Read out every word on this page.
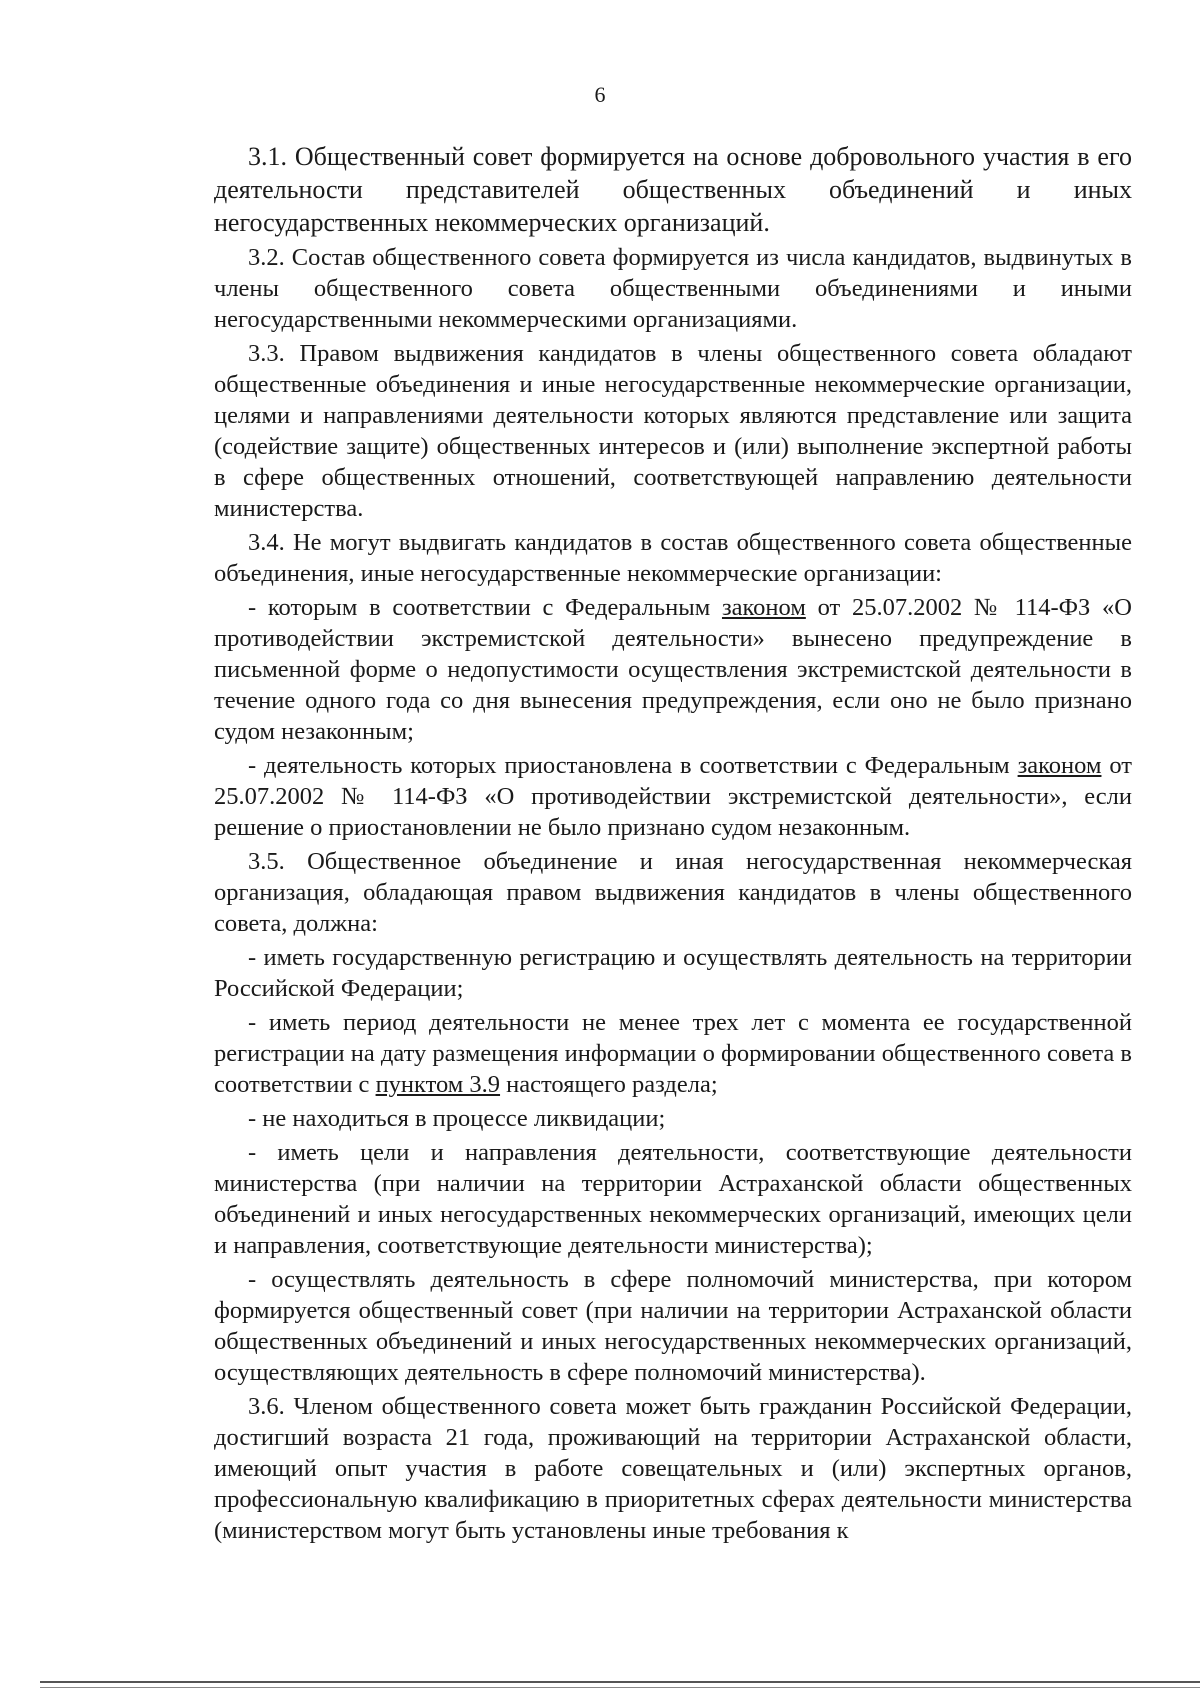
6

3.1. Общественный совет формируется на основе добровольного участия в его деятельности представителей общественных объединений и иных негосударственных некоммерческих организаций.

3.2. Состав общественного совета формируется из числа кандидатов, выдвинутых в члены общественного совета общественными объединениями и иными негосударственными некоммерческими организациями.

3.3. Правом выдвижения кандидатов в члены общественного совета обладают общественные объединения и иные негосударственные некоммерческие организации, целями и направлениями деятельности которых являются представление или защита (содействие защите) общественных интересов и (или) выполнение экспертной работы в сфере общественных отношений, соответствующей направлению деятельности министерства.

3.4. Не могут выдвигать кандидатов в состав общественного совета общественные объединения, иные негосударственные некоммерческие организации:

- которым в соответствии с Федеральным законом от 25.07.2002 № 114-ФЗ «О противодействии экстремистской деятельности» вынесено предупреждение в письменной форме о недопустимости осуществления экстремистской деятельности в течение одного года со дня вынесения предупреждения, если оно не было признано судом незаконным;

- деятельность которых приостановлена в соответствии с Федеральным законом от 25.07.2002 № 114-ФЗ «О противодействии экстремистской деятельности», если решение о приостановлении не было признано судом незаконным.

3.5. Общественное объединение и иная негосударственная некоммерческая организация, обладающая правом выдвижения кандидатов в члены общественного совета, должна:

- иметь государственную регистрацию и осуществлять деятельность на территории Российской Федерации;

- иметь период деятельности не менее трех лет с момента ее государственной регистрации на дату размещения информации о формировании общественного совета в соответствии с пунктом 3.9 настоящего раздела;

- не находиться в процессе ликвидации;

- иметь цели и направления деятельности, соответствующие деятельности министерства (при наличии на территории Астраханской области общественных объединений и иных негосударственных некоммерческих организаций, имеющих цели и направления, соответствующие деятельности министерства);

- осуществлять деятельность в сфере полномочий министерства, при котором формируется общественный совет (при наличии на территории Астраханской области общественных объединений и иных негосударственных некоммерческих организаций, осуществляющих деятельность в сфере полномочий министерства).

3.6. Членом общественного совета может быть гражданин Российской Федерации, достигший возраста 21 года, проживающий на территории Астраханской области, имеющий опыт участия в работе совещательных и (или) экспертных органов, профессиональную квалификацию в приоритетных сферах деятельности министерства (министерством могут быть установлены иные требования к
